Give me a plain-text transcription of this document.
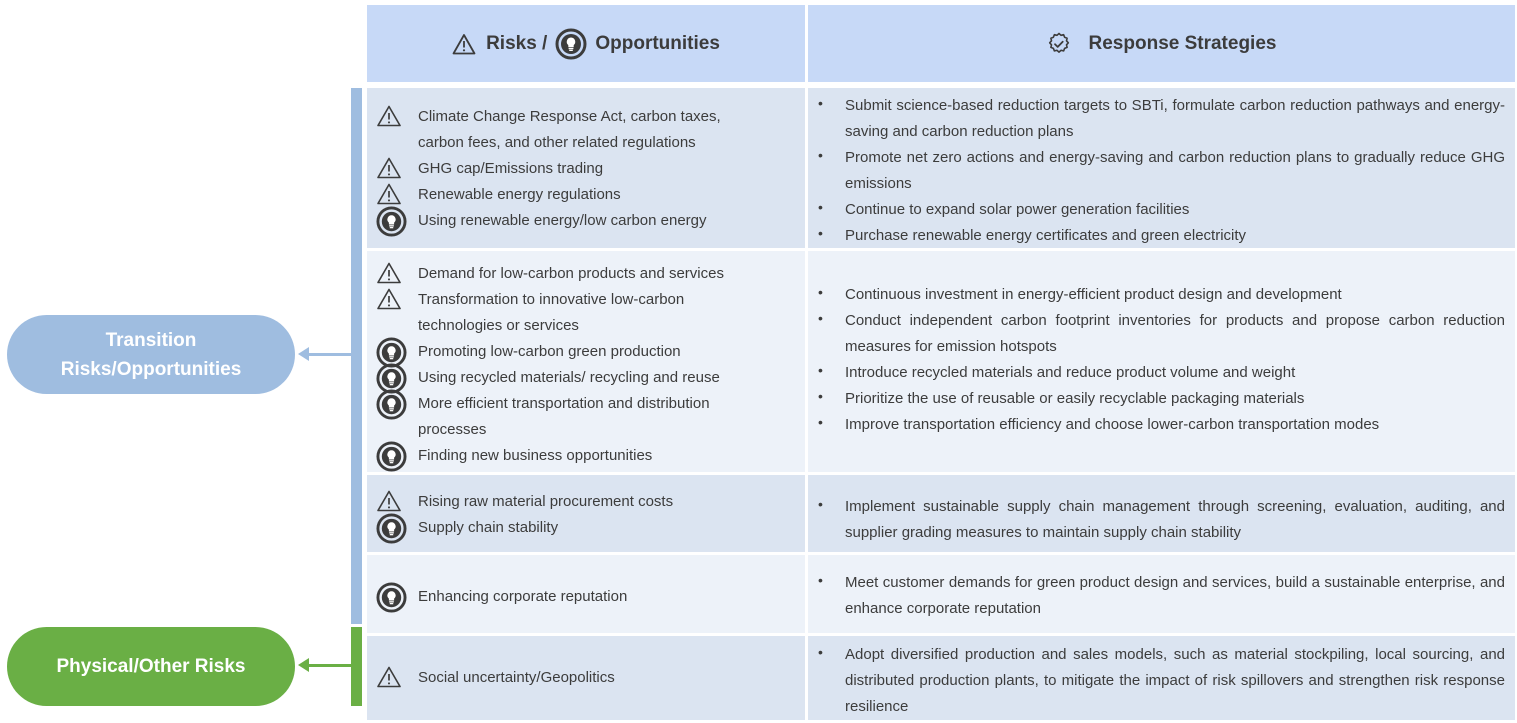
Transition
Risks/Opportunities
Physical/Other Risks
Risks /	Opportunities	Response Strategies
Climate Change Response Act, carbon taxes,
carbon fees, and other related regulations
GHG cap/Emissions trading
Renewable energy regulations
Using renewable energy/low carbon energy
• Submit science-based reduction targets to SBTi, formulate carbon reduction pathways and energy-saving and carbon reduction plans
• Promote net zero actions and energy-saving and carbon reduction plans to gradually reduce GHG emissions
• Continue to expand solar power generation facilities
• Purchase renewable energy certificates and green electricity
Demand for low-carbon products and services
Transformation to innovative low-carbon
technologies or services
Promoting low-carbon green production
Using recycled materials/ recycling and reuse
More efficient transportation and distribution
processes
Finding new business opportunities
• Continuous investment in energy-efficient product design and development
• Conduct independent carbon footprint inventories for products and propose carbon reduction measures for emission hotspots
• Introduce recycled materials and reduce product volume and weight
• Prioritize the use of reusable or easily recyclable packaging materials
• Improve transportation efficiency and choose lower-carbon transportation modes
Rising raw material procurement costs
Supply chain stability
• Implement sustainable supply chain management through screening, evaluation, auditing, and supplier grading measures to maintain supply chain stability
Enhancing corporate reputation
• Meet customer demands for green product design and services, build a sustainable enterprise, and enhance corporate reputation
Social uncertainty/Geopolitics
• Adopt diversified production and sales models, such as material stockpiling, local sourcing, and distributed production plants, to mitigate the impact of risk spillovers and strengthen risk response resilience
